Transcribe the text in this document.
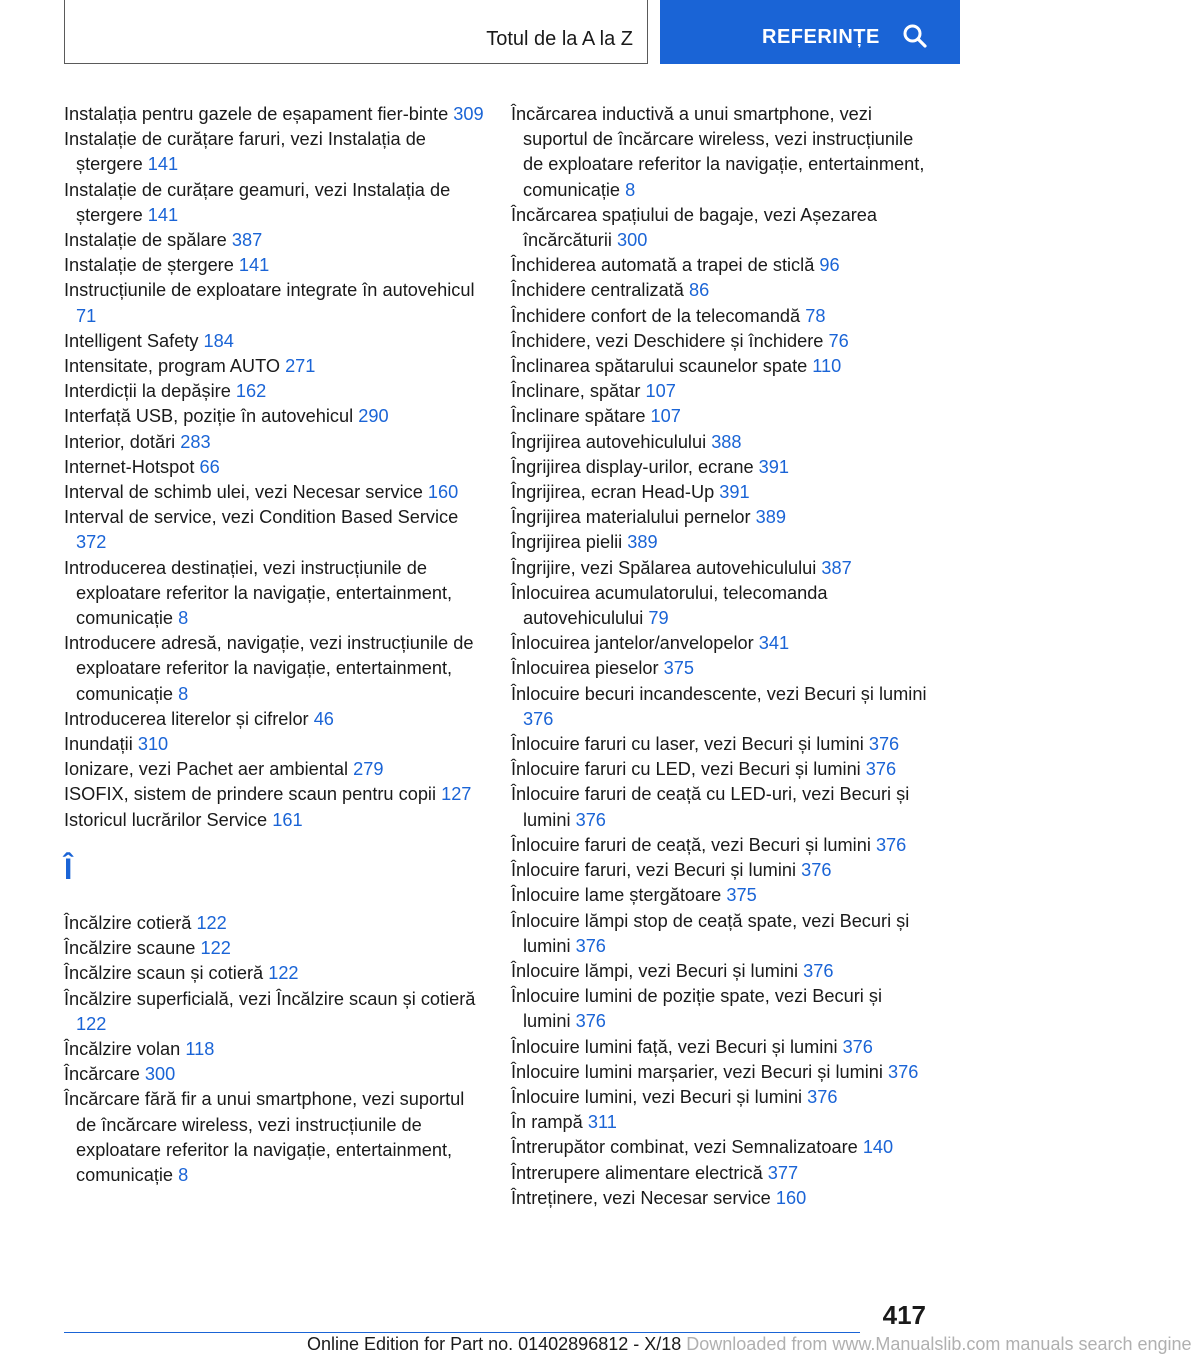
Totul de la A la Z	REFERINȚE

Instalația pentru gazele de eșapament fier-binte 309

Instalație de curățare faruri, vezi Instalația de ștergere 141

Instalație de curățare geamuri, vezi Instalația de ștergere 141

Instalație de spălare 387

Instalație de ștergere 141

Instrucțiunile de exploatare integrate în autovehicul 71

Intelligent Safety 184

Intensitate, program AUTO 271

Interdicții la depășire 162

Interfață USB, poziție în autovehicul 290

Interior, dotări 283

Internet-Hotspot 66

Interval de schimb ulei, vezi Necesar service 160

Interval de service, vezi Condition Based Service 372

Introducerea destinației, vezi instrucțiunile de exploatare referitor la navigație, entertainment, comunicație 8

Introducere adresă, navigație, vezi instrucțiunile de exploatare referitor la navigație, entertainment, comunicație 8

Introducerea literelor și cifrelor 46

Inundații 310

Ionizare, vezi Pachet aer ambiental 279

ISOFIX, sistem de prindere scaun pentru copii 127

Istoricul lucrărilor Service 161

Î

Încălzire cotieră 122

Încălzire scaune 122

Încălzire scaun și cotieră 122

Încălzire superficială, vezi Încălzire scaun și cotieră 122

Încălzire volan 118

Încărcare 300

Încărcare fără fir a unui smartphone, vezi suportul de încărcare wireless, vezi instrucțiunile de exploatare referitor la navigație, entertainment, comunicație 8

Încărcarea inductivă a unui smartphone, vezi suportul de încărcare wireless, vezi instrucțiunile de exploatare referitor la navigație, entertainment, comunicație 8

Încărcarea spațiului de bagaje, vezi Așezarea încărcăturii 300

Închiderea automată a trapei de sticlă 96

Închidere centralizată 86

Închidere confort de la telecomandă 78

Închidere, vezi Deschidere și închidere 76

Înclinarea spătarului scaunelor spate 110

Înclinare, spătar 107

Înclinare spătare 107

Îngrijirea autovehiculului 388

Îngrijirea display-urilor, ecrane 391

Îngrijirea, ecran Head-Up 391

Îngrijirea materialului pernelor 389

Îngrijirea pielii 389

Îngrijire, vezi Spălarea autovehiculului 387

Înlocuirea acumulatorului, telecomanda autovehiculului 79

Înlocuirea jantelor/anvelopelor 341

Înlocuirea pieselor 375

Înlocuire becuri incandescente, vezi Becuri și lumini 376

Înlocuire faruri cu laser, vezi Becuri și lumini 376

Înlocuire faruri cu LED, vezi Becuri și lumini 376

Înlocuire faruri de ceață cu LED-uri, vezi Becuri și lumini 376

Înlocuire faruri de ceață, vezi Becuri și lumini 376

Înlocuire faruri, vezi Becuri și lumini 376

Înlocuire lame ștergătoare 375

Înlocuire lămpi stop de ceață spate, vezi Becuri și lumini 376

Înlocuire lămpi, vezi Becuri și lumini 376

Înlocuire lumini de poziție spate, vezi Becuri și lumini 376

Înlocuire lumini față, vezi Becuri și lumini 376

Înlocuire lumini marșarier, vezi Becuri și lumini 376

Înlocuire lumini, vezi Becuri și lumini 376

În rampă 311

Întrerupător combinat, vezi Semnalizatoare 140

Întrerupere alimentare electrică 377

Întreținere, vezi Necesar service 160

417
Online Edition for Part no. 01402896812 - X/18 Downloaded from www.Manualslib.com manuals search engine
